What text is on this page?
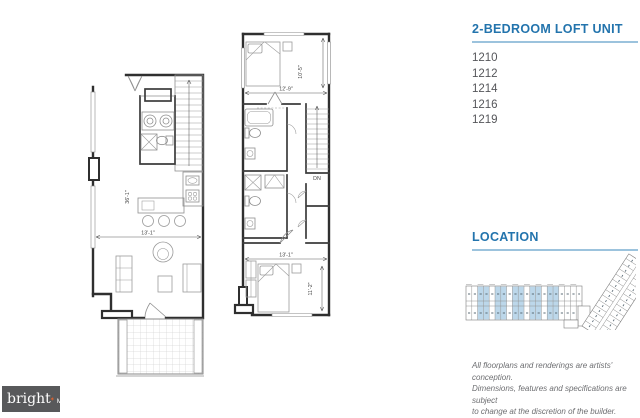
36'-1"
13'-1"
12'-9"
10'-5"
DN
13'-1"
11'-2"
2-BEDROOM LOFT UNIT
1210
1212
1214
1216
1219
LOCATION
All floorplans and renderings are artists' conception.
Dimensions, features and specifications are subject
to change at the discretion of the builder.
bright ✶ MLS
